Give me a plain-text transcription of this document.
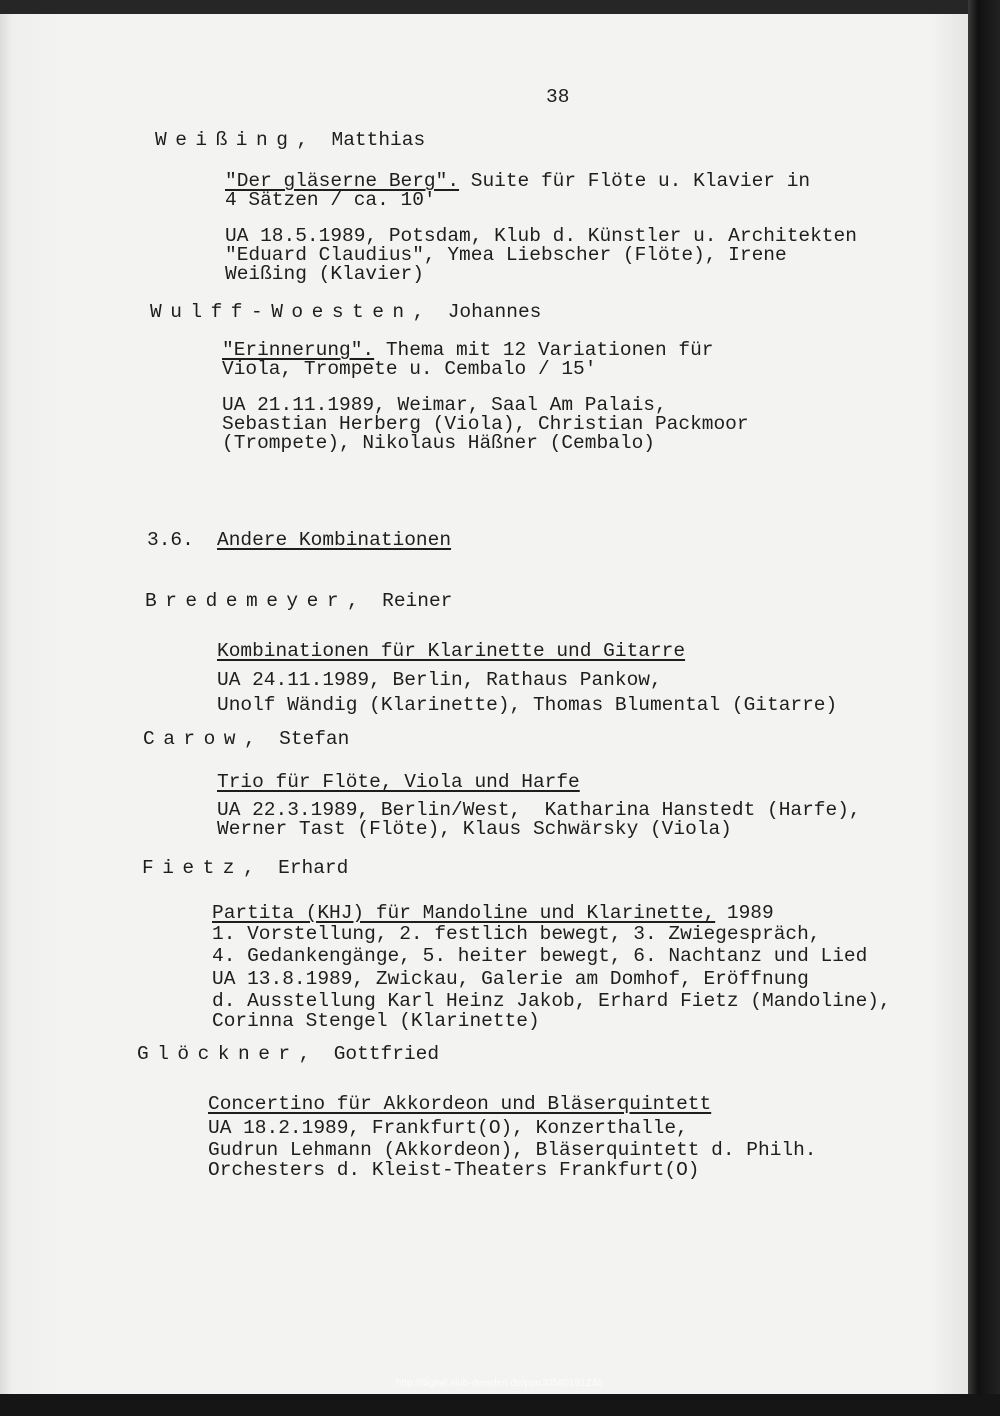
38
Weißing,  Matthias
"Der gläserne Berg". Suite für Flöte u. Klavier in
4 Sätzen / ca. 10'
UA 18.5.1989, Potsdam, Klub d. Künstler u. Architekten
"Eduard Claudius", Ymea Liebscher (Flöte), Irene
Weißing (Klavier)
Wulff-Woesten,  Johannes
"Erinnerung". Thema mit 12 Variationen für
Viola, Trompete u. Cembalo / 15'
UA 21.11.1989, Weimar, Saal Am Palais,
Sebastian Herberg (Viola), Christian Packmoor
(Trompete), Nikolaus Häßner (Cembalo)
3.6. Andere Kombinationen
Bredemeyer,  Reiner
Kombinationen für Klarinette und Gitarre
UA 24.11.1989, Berlin, Rathaus Pankow,
Unolf Wändig (Klarinette), Thomas Blumental (Gitarre)
Carow,  Stefan
Trio für Flöte, Viola und Harfe
UA 22.3.1989, Berlin/West,  Katharina Hanstedt (Harfe),
Werner Tast (Flöte), Klaus Schwärsky (Viola)
Fietz,  Erhard
Partita (KHJ) für Mandoline und Klarinette, 1989
1. Vorstellung, 2. festlich bewegt, 3. Zwiegespräch,
4. Gedankengänge, 5. heiter bewegt, 6. Nachtanz und Lied
UA 13.8.1989, Zwickau, Galerie am Domhof, Eröffnung
d. Ausstellung Karl Heinz Jakob, Erhard Fietz (Mandoline),
Corinna Stengel (Klarinette)
Glöckner,  Gottfried
Concertino für Akkordeon und Bläserquintett
UA 18.2.1989, Frankfurt(O), Konzerthalle,
Gudrun Lehmann (Akkordeon), Bläserquintett d. Philh.
Orchesters d. Kleist-Theaters Frankfurt(O)
http://digital.slub-dresden.de/ppn30580181Z46
